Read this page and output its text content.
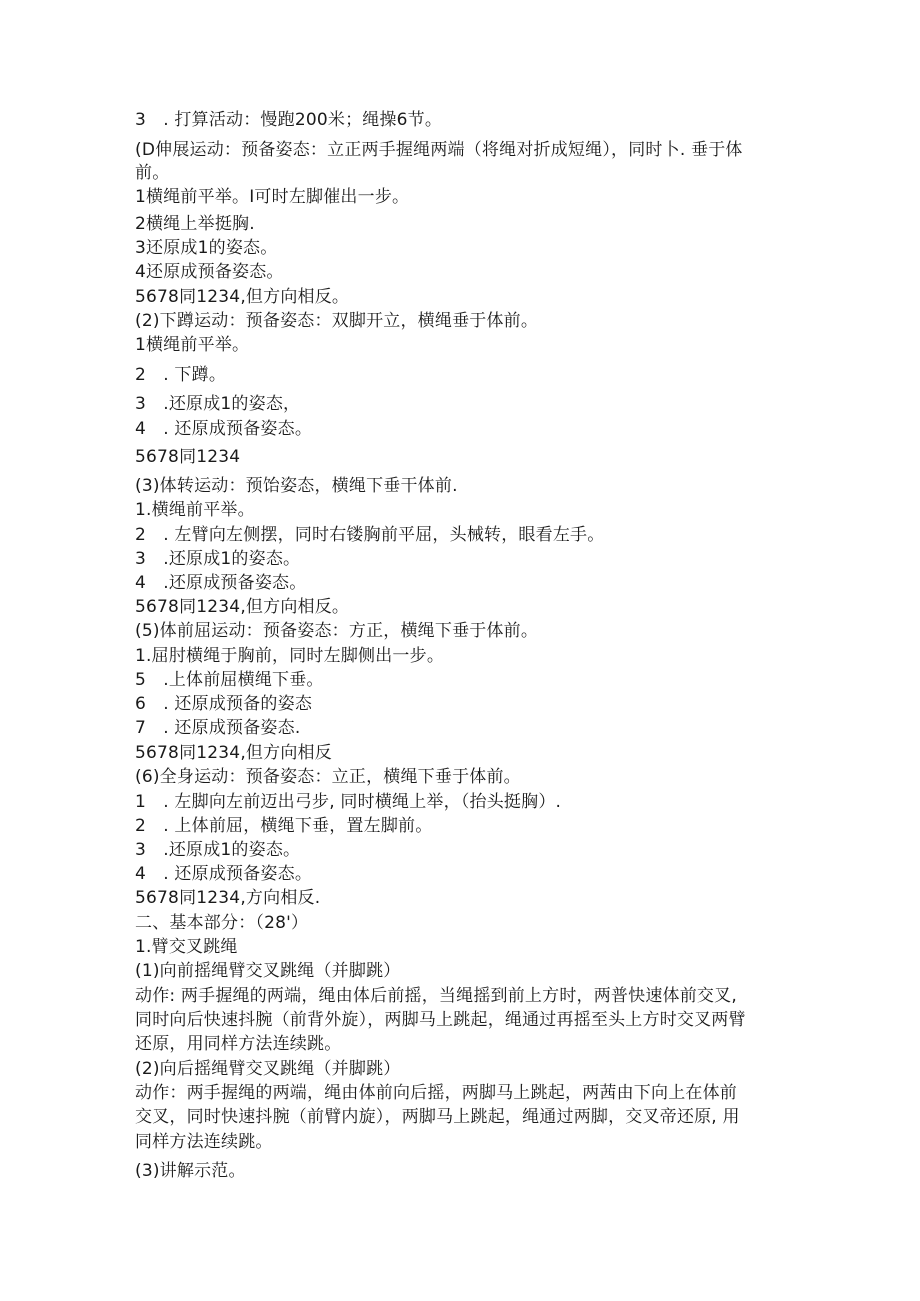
3　. 打算活动：慢跑200米；绳操6节。
(D伸展运动：预备姿态：立正两手握绳两端（将绳对折成短绳），同时卜. 垂于体
前。
1横绳前平举。I可时左脚催出一步。
2横绳上举挺胸.
3还原成1的姿态。
4还原成预备姿态。
5678同1234,但方向相反。
(2)下蹲运动：预备姿态：双脚开立，横绳垂于体前。
1横绳前平举。
2　. 下蹲。
3　.还原成1的姿态，
4　. 还原成预备姿态。
5678同1234
(3)体转运动：预饴姿态，横绳下垂干体前.
1.横绳前平举。
2　. 左臂向左侧摆，同时右镂胸前平屈，头械转，眼看左手。
3　.还原成1的姿态。
4　.还原成预备姿态。
5678同1234,但方向相反。
(5)体前屈运动：预备姿态：方正，横绳下垂于体前。
1.屈肘横绳于胸前，同时左脚侧出一步。
5　.上体前屈横绳下垂。
6　. 还原成预备的姿态
7　. 还原成预备姿态.
5678同1234,但方向相反
(6)全身运动：预备姿态：立正，横绳下垂于体前。
1　. 左脚向左前迈出弓步, 同时横绳上举，（抬头挺胸）.
2　. 上体前屈，横绳下垂，置左脚前。
3　.还原成1的姿态。
4　. 还原成预备姿态。
5678同1234,方向相反.
二、基本部分：（28'）
1.臂交叉跳绳
(1)向前摇绳臂交叉跳绳（并脚跳）
动作: 两手握绳的两端，绳由体后前摇，当绳摇到前上方时，两普快速体前交叉,
同时向后快速抖腕（前背外旋），两脚马上跳起，绳通过再摇至头上方时交叉两臂
还原，用同样方法连续跳。
(2)向后摇绳臂交叉跳绳（并脚跳）
动作：两手握绳的两端，绳由体前向后摇，两脚马上跳起，两茜由下向上在体前
交叉，同时快速抖腕（前臂内旋），两脚马上跳起，绳通过两脚，交叉帝还原, 用
同样方法连续跳。
(3)讲解示范。
